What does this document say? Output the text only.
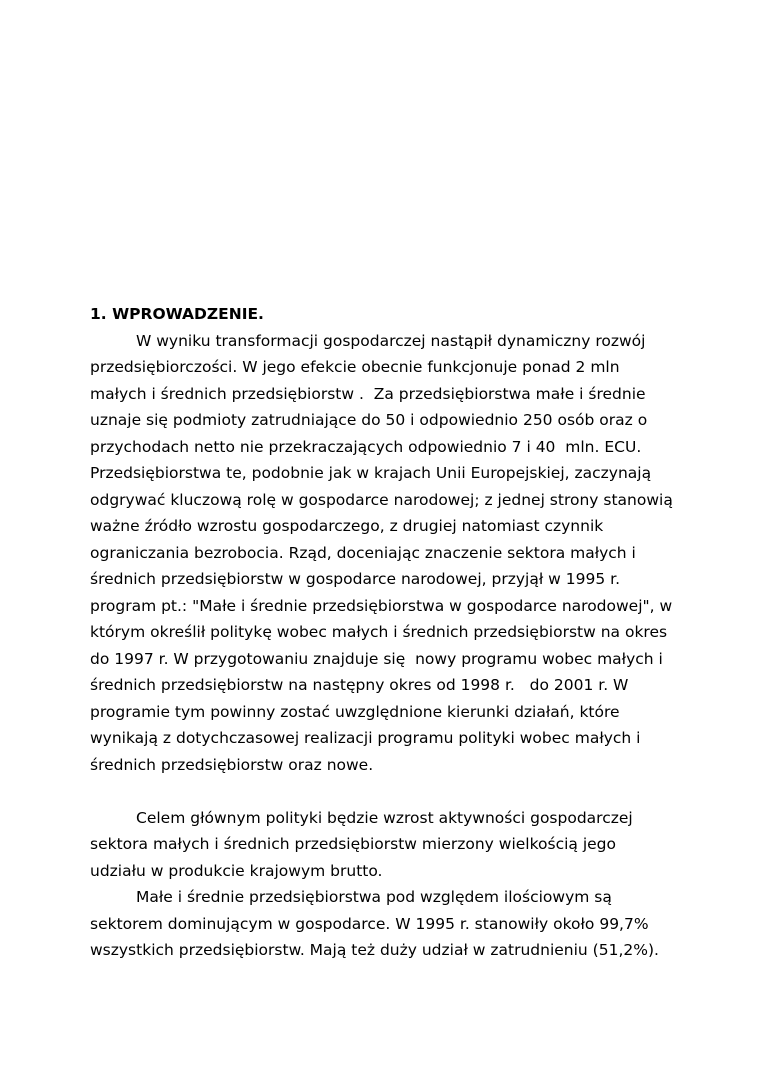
1. WPROWADZENIE.
W wyniku transformacji gospodarczej nastąpił dynamiczny rozwój
przedsiębiorczości. W jego efekcie obecnie funkcjonuje ponad 2 mln
małych i średnich przedsiębiorstw .  Za przedsiębiorstwa małe i średnie
uznaje się podmioty zatrudniające do 50 i odpowiednio 250 osób oraz o
przychodach netto nie przekraczających odpowiednio 7 i 40  mln. ECU.
Przedsiębiorstwa te, podobnie jak w krajach Unii Europejskiej, zaczynają
odgrywać kluczową rolę w gospodarce narodowej; z jednej strony stanowią
ważne źródło wzrostu gospodarczego, z drugiej natomiast czynnik
ograniczania bezrobocia. Rząd, doceniając znaczenie sektora małych i
średnich przedsiębiorstw w gospodarce narodowej, przyjął w 1995 r.
program pt.: "Małe i średnie przedsiębiorstwa w gospodarce narodowej", w
którym określił politykę wobec małych i średnich przedsiębiorstw na okres
do 1997 r. W przygotowaniu znajduje się  nowy programu wobec małych i
średnich przedsiębiorstw na następny okres od 1998 r.   do 2001 r. W
programie tym powinny zostać uwzględnione kierunki działań, które
wynikają z dotychczasowej realizacji programu polityki wobec małych i
średnich przedsiębiorstw oraz nowe.
Celem głównym polityki będzie wzrost aktywności gospodarczej
sektora małych i średnich przedsiębiorstw mierzony wielkością jego
udziału w produkcie krajowym brutto.
Małe i średnie przedsiębiorstwa pod względem ilościowym są
sektorem dominującym w gospodarce. W 1995 r. stanowiły około 99,7%
wszystkich przedsiębiorstw. Mają też duży udział w zatrudnieniu (51,2%).
